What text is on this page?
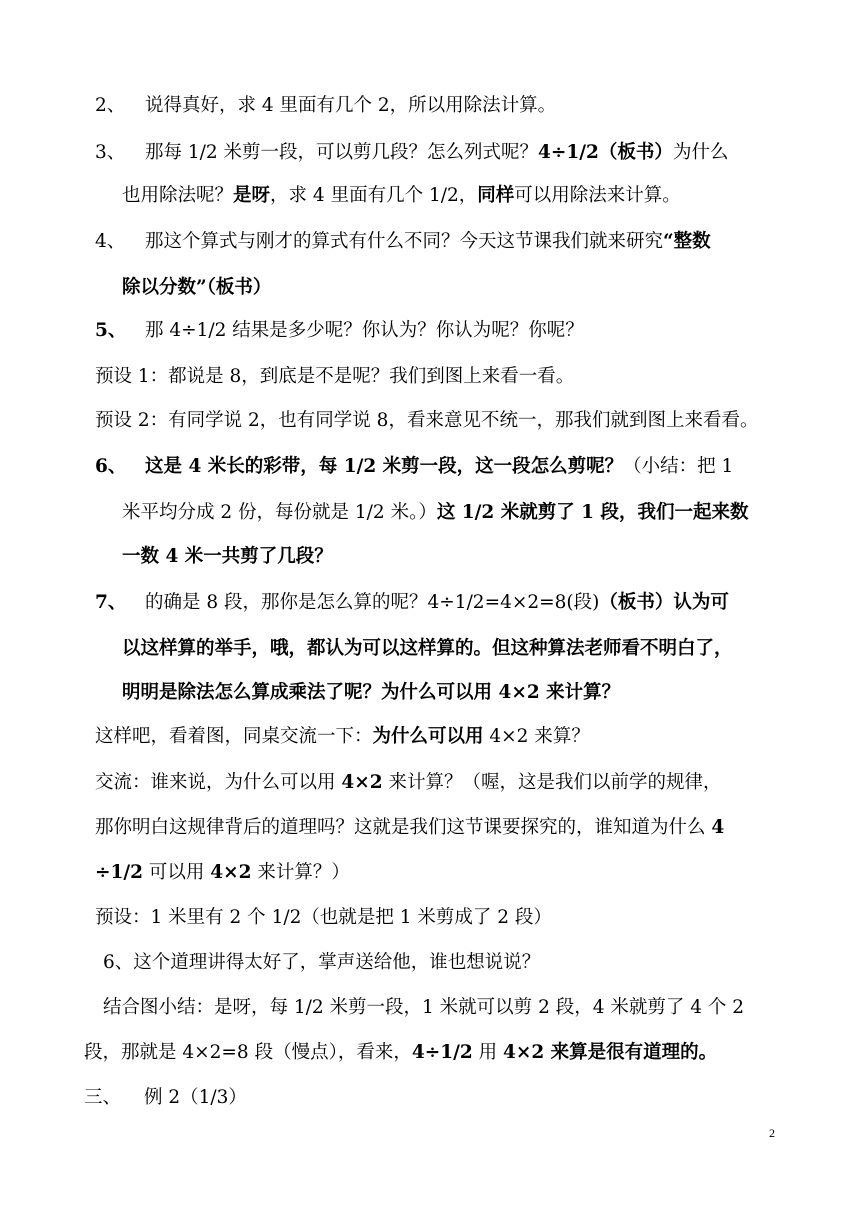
2、 说得真好，求 4 里面有几个 2，所以用除法计算。
3、 那每 1/2 米剪一段，可以剪几段？怎么列式呢？4÷1/2（板书）为什么
也用除法呢？是呀，求 4 里面有几个 1/2，同样可以用除法来计算。
4、 那这个算式与刚才的算式有什么不同？今天这节课我们就来研究“整数
除以分数”（板书）
5、 那 4÷1/2 结果是多少呢？你认为？你认为呢？你呢？
预设 1：都说是 8，到底是不是呢？我们到图上来看一看。
预设 2：有同学说 2，也有同学说 8，看来意见不统一，那我们就到图上来看看。
6、 这是 4 米长的彩带，每 1/2 米剪一段，这一段怎么剪呢？（小结：把 1
米平均分成 2 份，每份就是 1/2 米。）这 1/2 米就剪了 1 段，我们一起来数
一数 4 米一共剪了几段？
7、 的确是 8 段，那你是怎么算的呢？4÷1/2=4×2=8(段)（板书）认为可
以这样算的举手，哦，都认为可以这样算的。但这种算法老师看不明白了，
明明是除法怎么算成乘法了呢？为什么可以用 4×2 来计算？
这样吧，看着图，同桌交流一下：为什么可以用 4×2 来算？
交流：谁来说，为什么可以用 4×2 来计算？（喔，这是我们以前学的规律，
那你明白这规律背后的道理吗？这就是我们这节课要探究的，谁知道为什么 4
÷1/2 可以用 4×2 来计算？）
预设：1 米里有 2 个 1/2（也就是把 1 米剪成了 2 段）
6、这个道理讲得太好了，掌声送给他，谁也想说说？
结合图小结：是呀，每 1/2 米剪一段，1 米就可以剪 2 段，4 米就剪了 4 个 2
段，那就是 4×2=8 段（慢点），看来，4÷1/2 用 4×2 来算是很有道理的。
三、 例 2（1/3）
2
